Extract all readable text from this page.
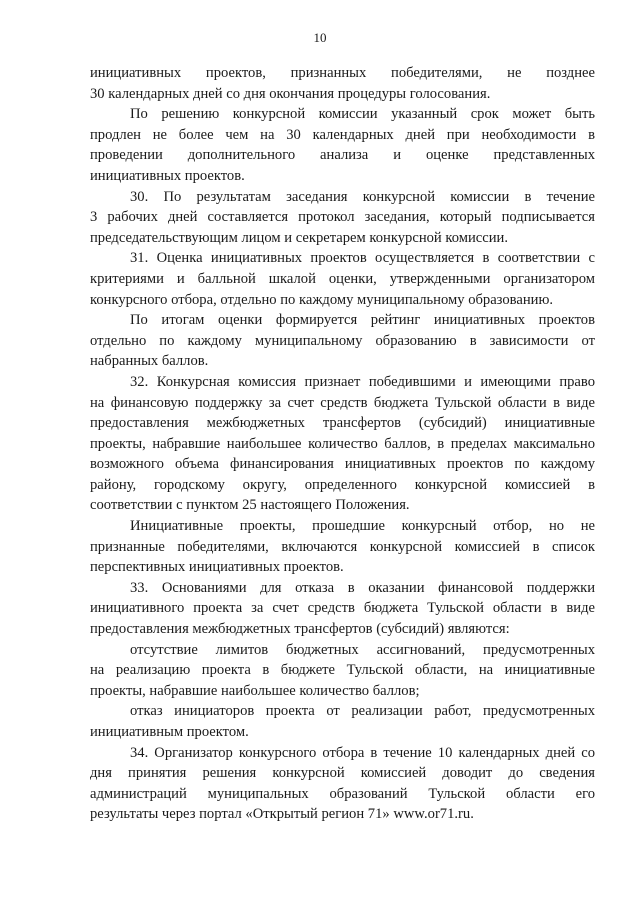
10
инициативных проектов, признанных победителями, не позднее
30 календарных дней со дня окончания процедуры голосования.
По решению конкурсной комиссии указанный срок может быть
продлен не более чем на 30 календарных дней при необходимости в
проведении дополнительного анализа и оценке представленных
инициативных проектов.
30. По результатам заседания конкурсной комиссии в течение
3 рабочих дней составляется протокол заседания, который подписывается
председательствующим лицом и секретарем конкурсной комиссии.
31. Оценка инициативных проектов осуществляется в соответствии с
критериями и балльной шкалой оценки, утвержденными организатором
конкурсного отбора, отдельно по каждому муниципальному образованию.
По итогам оценки формируется рейтинг инициативных проектов
отдельно по каждому муниципальному образованию в зависимости от
набранных баллов.
32. Конкурсная комиссия признает победившими и имеющими право
на финансовую поддержку за счет средств бюджета Тульской области в виде
предоставления межбюджетных трансфертов (субсидий) инициативные
проекты, набравшие наибольшее количество баллов, в пределах максимально
возможного объема финансирования инициативных проектов по каждому
району, городскому округу, определенного конкурсной комиссией в
соответствии с пунктом 25 настоящего Положения.
Инициативные проекты, прошедшие конкурсный отбор, но не
признанные победителями, включаются конкурсной комиссией в список
перспективных инициативных проектов.
33. Основаниями для отказа в оказании финансовой поддержки
инициативного проекта за счет средств бюджета Тульской области в виде
предоставления межбюджетных трансфертов (субсидий) являются:
отсутствие лимитов бюджетных ассигнований, предусмотренных
на реализацию проекта в бюджете Тульской области, на инициативные
проекты, набравшие наибольшее количество баллов;
отказ инициаторов проекта от реализации работ, предусмотренных
инициативным проектом.
34. Организатор конкурсного отбора в течение 10 календарных дней со
дня принятия решения конкурсной комиссией доводит до сведения
администраций муниципальных образований Тульской области его
результаты через портал «Открытый регион 71» www.or71.ru.
